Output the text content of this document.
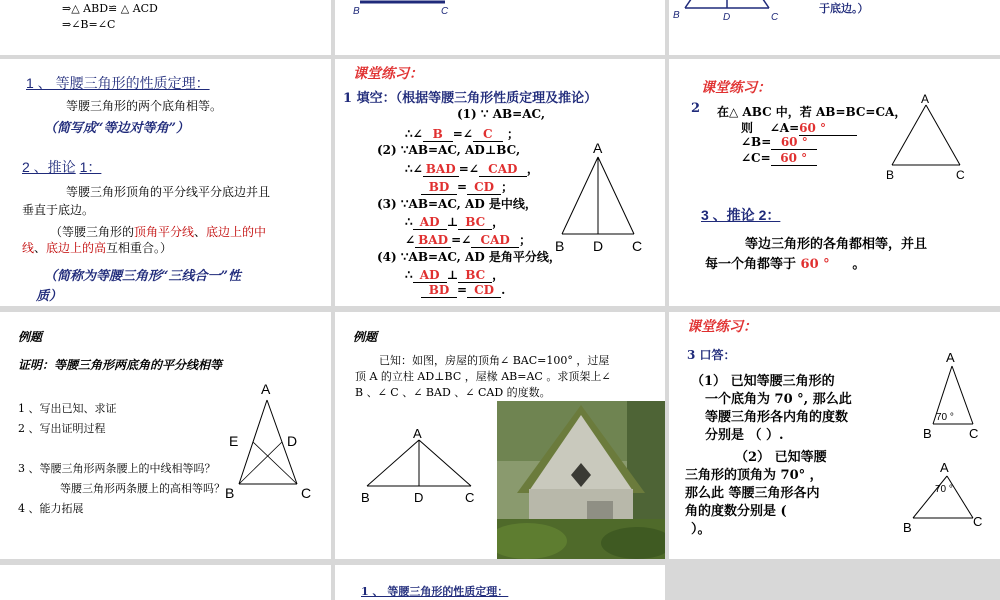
⇒△ ABD≌ △ ACD
⇒∠B=∠C
B	C	B	D	C
于底边。）
1 、 等腰三角形的性质定理：
等腰三角形的两个底角相等。
（简写成“等边对等角”）
2 、推论 1：
等腰三角形顶角的平分线平分底边并且
垂直于底边。
（等腰三角形的顶角平分线、底边上的中
线、底边上的高互相重合。）
（简称为等腰三角形“三线合一”性
质）
课堂练习：
1 填空：（根据等腰三角形性质定理及推论）
(1) ∵ AB=AC,
∴∠ B =∠ C ；
(2) ∵AB=AC, AD⊥BC,
∴∠ BAD =∠ CAD ，
BD = CD ；
(3) ∵AB=AC, AD 是中线，
∴ AD ⊥ BC ，
∠ BAD =∠ CAD ；
(4) ∵AB=AC, AD 是角平分线，
∴ AD ⊥ BC ，
BD = CD .
A
B D C
课堂练习：
2 在△ ABC 中，若 AB=BC=CA，
则 ∠A=60 °
∠B= 60 °
∠C= 60 °
A
B	C
3 、推论 2：
等边三角形的各角都相等，并且
每一个角都等于 60 ° 。
例题
证明：等腰三角形两底角的平分线相等
1 、写出已知、求证
2 、写出证明过程
3 、等腰三角形两条腰上的中线相等吗？
等腰三角形两条腰上的高相等吗？
4 、能力拓展
A
E	D
B	C
例题
已知：如图，房屋的顶角∠ BAC=100° ，过屋
顶 A 的立柱 AD⊥BC ，屋椽 AB=AC 。求顶架上∠
B 、∠ C 、∠ BAD 、∠ CAD 的度数。
A
B	D	C
课堂练习：
3 口答：
（1） 已知等腰三角形的
一个底角为 70 °, 那么此
等腰三角形各内角的度数
分别是 （ ）.
（2） 已知等腰
三角形的顶角为 70° ，
那么此 等腰三角形各内
角的度数分别是 (
）。
A
70 °
B	C
A
70 °
B	C
1 、 等腰三角形的性质定理：
